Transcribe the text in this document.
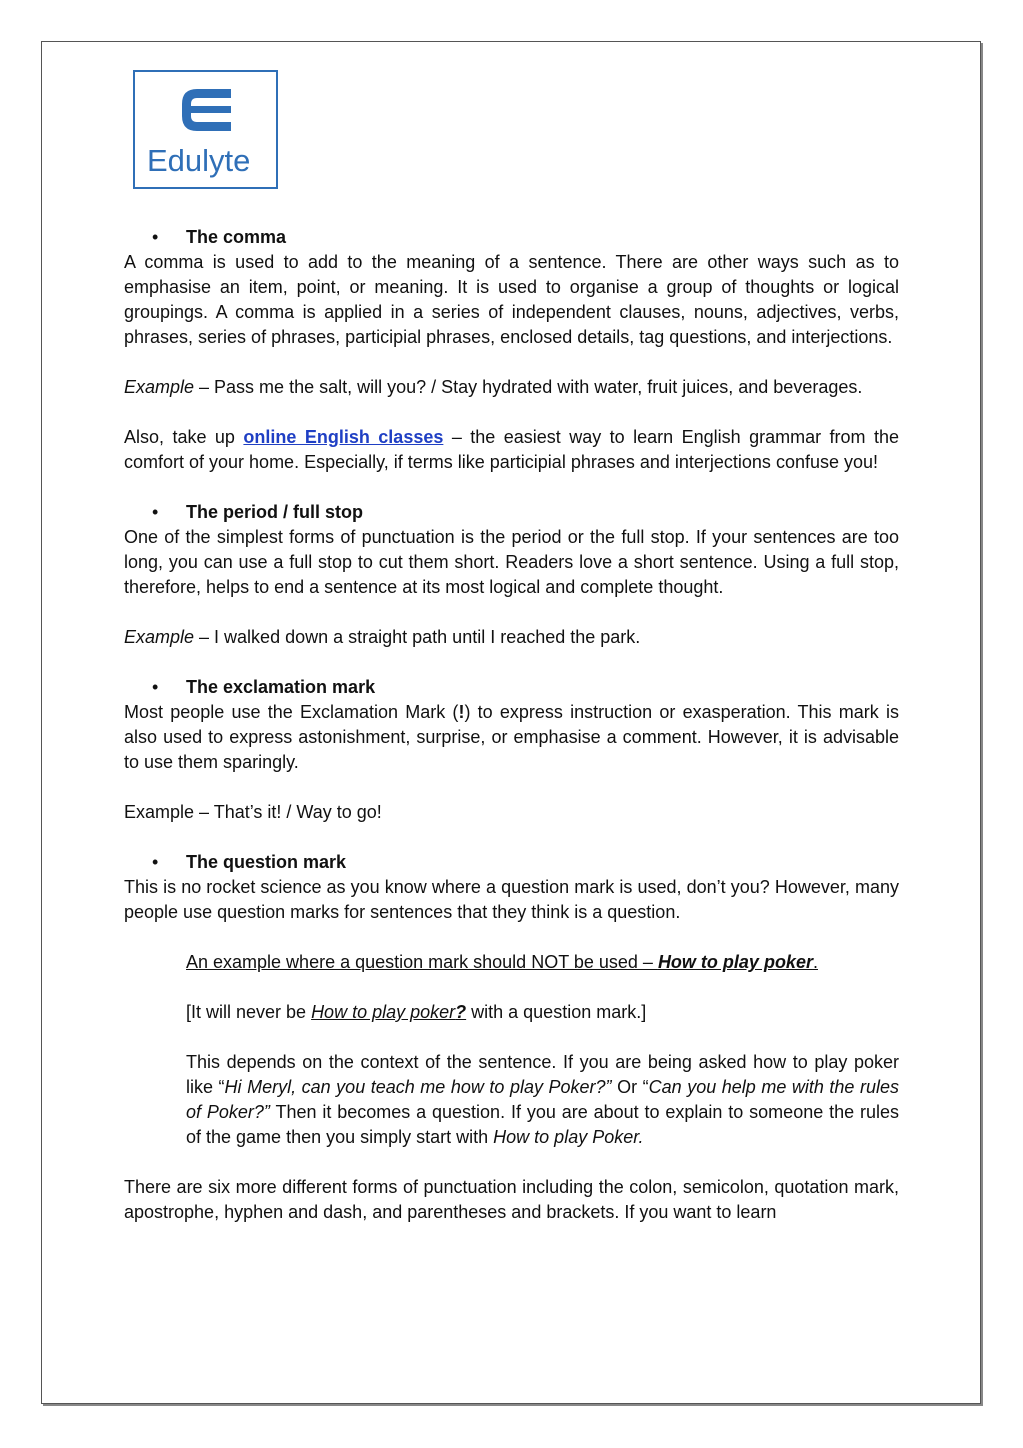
Edulyte
• The comma

A comma is used to add to the meaning of a sentence. There are other ways such as to emphasise an item, point, or meaning. It is used to organise a group of thoughts or logical groupings. A comma is applied in a series of independent clauses, nouns, adjectives, verbs, phrases, series of phrases, participial phrases, enclosed details, tag questions, and interjections.

Example – Pass me the salt, will you? / Stay hydrated with water, fruit juices, and beverages.

Also, take up online English classes – the easiest way to learn English grammar from the comfort of your home. Especially, if terms like participial phrases and interjections confuse you!

• The period / full stop

One of the simplest forms of punctuation is the period or the full stop. If your sentences are too long, you can use a full stop to cut them short. Readers love a short sentence. Using a full stop, therefore, helps to end a sentence at its most logical and complete thought.

Example – I walked down a straight path until I reached the park.

• The exclamation mark

Most people use the Exclamation Mark (!) to express instruction or exasperation. This mark is also used to express astonishment, surprise, or emphasise a comment. However, it is advisable to use them sparingly.

Example – That’s it! / Way to go!

• The question mark

This is no rocket science as you know where a question mark is used, don’t you? However, many people use question marks for sentences that they think is a question.

An example where a question mark should NOT be used – How to play poker.

[It will never be How to play poker? with a question mark.]

This depends on the context of the sentence. If you are being asked how to play poker like “Hi Meryl, can you teach me how to play Poker?” Or “Can you help me with the rules of Poker?” Then it becomes a question. If you are about to explain to someone the rules of the game then you simply start with How to play Poker.

There are six more different forms of punctuation including the colon, semicolon, quotation mark, apostrophe, hyphen and dash, and parentheses and brackets. If you want to learn
